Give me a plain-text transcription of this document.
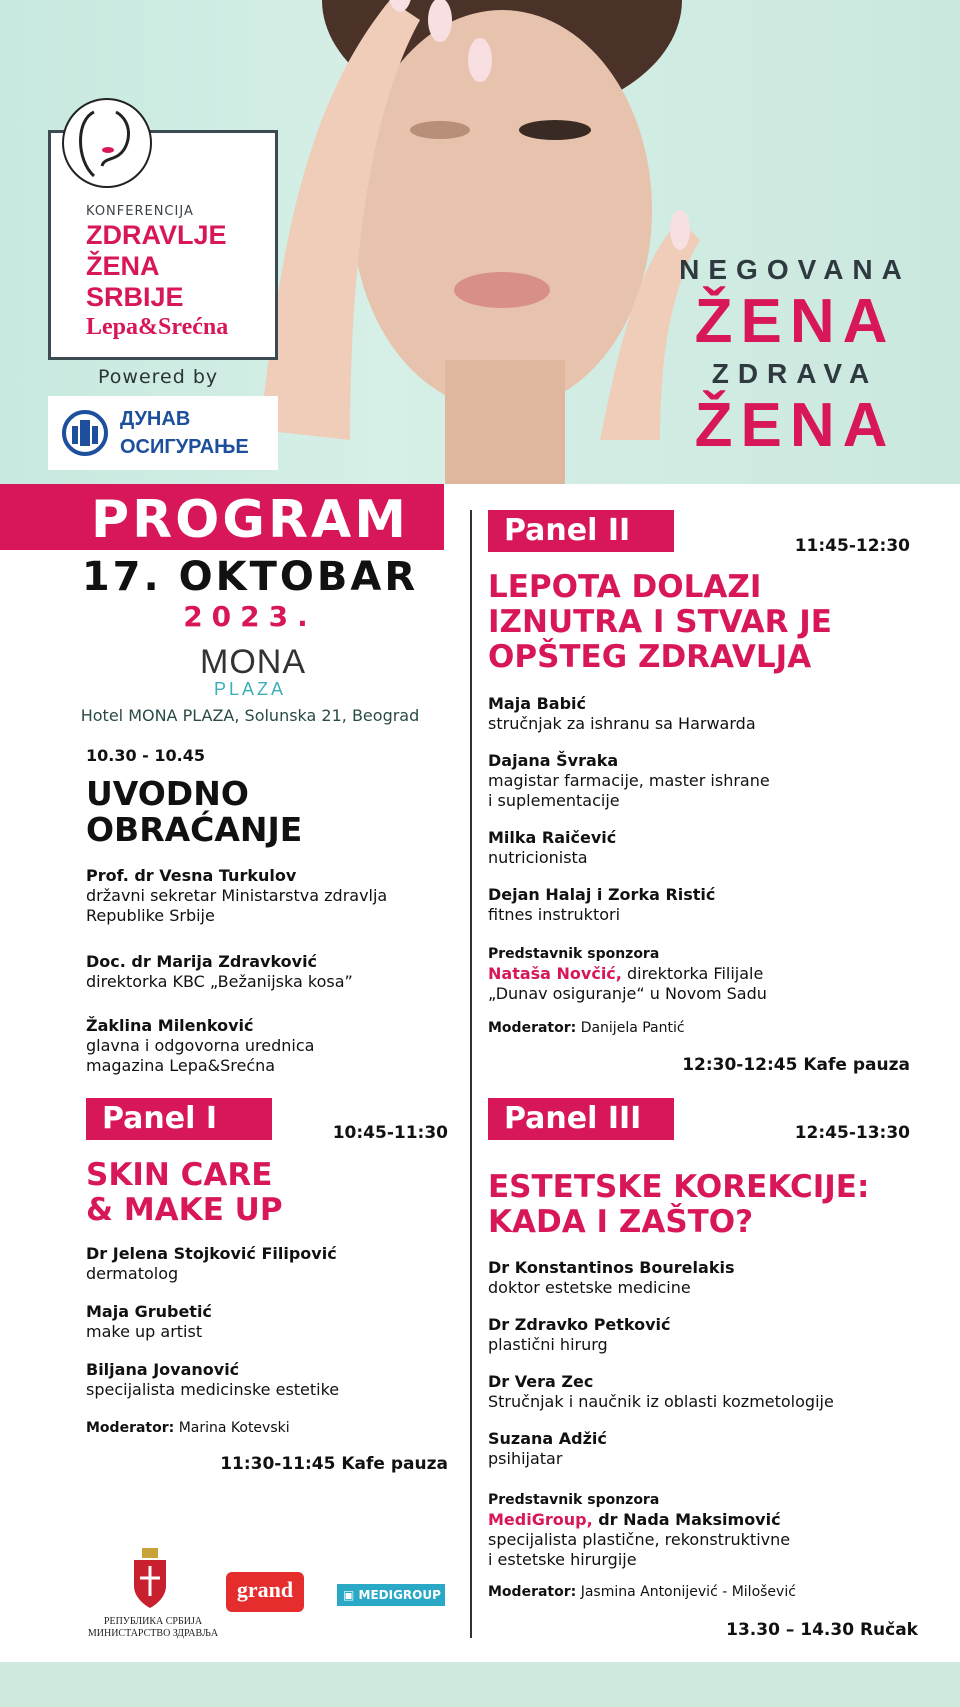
KONFERENCIJA
ZDRAVLJE
ŽENA
SRBIJE
Lepa&Srećna
Powered by
ДУНАВ
ОСИГУРАЊЕ
NEGOVANA
ŽENA
ZDRAVA
ŽENA
PROGRAM
17. OKTOBAR
2023.
MONA
PLAZA
Hotel MONA PLAZA, Solunska 21, Beograd
10.30 - 10.45
UVODNO
OBRAĆANJE
Prof. dr Vesna Turkulov
državni sekretar Ministarstva zdravlja
Republike Srbije
Doc. dr Marija Zdravković
direktorka KBC „Bežanijska kosa”
Žaklina Milenković
glavna i odgovorna urednica
magazina Lepa&Srećna
Panel I	10:45-11:30
SKIN CARE
& MAKE UP
Dr Jelena Stojković Filipović
dermatolog
Maja Grubetić
make up artist
Biljana Jovanović
specijalista medicinske estetike
Moderator: Marina Kotevski
11:30-11:45 Kafe pauza
РЕПУБЛИКА СРБИЈА
МИНИСТАРСТВО ЗДРАВЉА
grand	▣ MEDIGROUP
Panel II	11:45-12:30
LEPOTA DOLAZI
IZNUTRA I STVAR JE
OPŠTEG ZDRAVLJA
Maja Babić
stručnjak za ishranu sa Harwarda
Dajana Švraka
magistar farmacije, master ishrane
i suplementacije
Milka Raičević
nutricionista
Dejan Halaj i Zorka Ristić
fitnes instruktori
Predstavnik sponzora
Nataša Novčić, direktorka Filijale
„Dunav osiguranje“ u Novom Sadu
Moderator: Danijela Pantić
12:30-12:45 Kafe pauza
Panel III	12:45-13:30
ESTETSKE KOREKCIJE:
KADA I ZAŠTO?
Dr Konstantinos Bourelakis
doktor estetske medicine
Dr Zdravko Petković
plastični hirurg
Dr Vera Zec
Stručnjak i naučnik iz oblasti kozmetologije
Suzana Adžić
psihijatar
Predstavnik sponzora
MediGroup, dr Nada Maksimović
specijalista plastične, rekonstruktivne
i estetske hirurgije
Moderator: Jasmina Antonijević - Milošević
13.30 – 14.30 Ručak
